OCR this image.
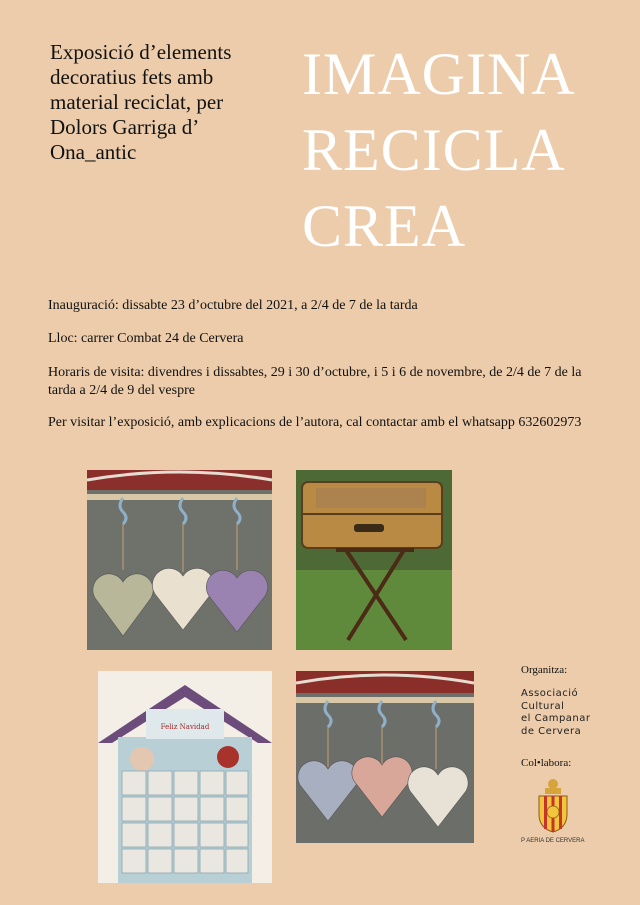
Exposició d’elements decoratius fets amb material reciclat, per Dolors Garriga d’ Ona_antic
IMAGINA
RECICLA
CREA
Inauguració: dissabte 23 d’octubre del 2021, a 2/4 de 7 de la tarda
Lloc: carrer Combat 24 de Cervera
Horaris de visita: divendres i dissabtes, 29 i 30 d’octubre, i 5 i 6 de novembre, de 2/4 de 7 de la tarda a 2/4 de 9 del vespre
Per visitar l’exposició, amb explicacions de l’autora, cal contactar amb el whatsapp 632602973
Feliz Navidad
Organitza:
Associació
Cultural
el Campanar
de Cervera
Col•labora:
P AERIA DE CERVERA
